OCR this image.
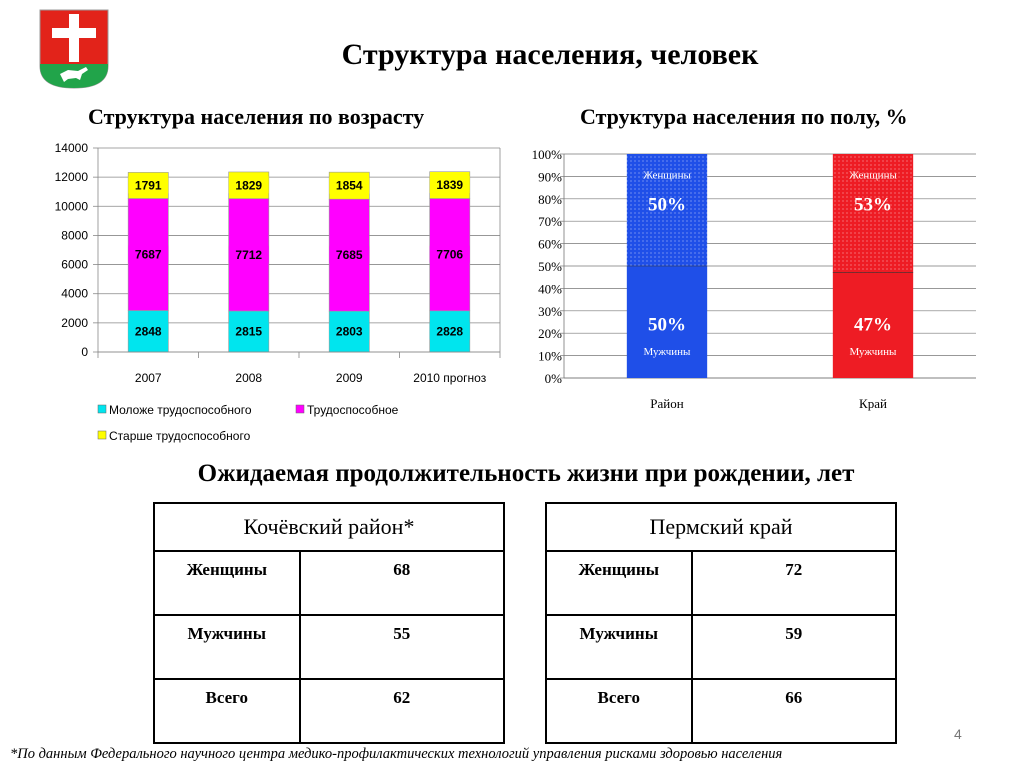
Структура населения, человек
Структура населения по возрасту	Структура населения по полу, %
0
2000
4000
6000
8000
10000
12000
14000
2848
7687
1791
2007
2815
7712
1829
2008
2803
7685
1854
2009
2828
7706
1839
2010 прогноз
Моложе трудоспособного	Трудоспособное
Старше трудоспособного
0%
10%
20%
30%
40%
50%
60%
70%
80%
90%
100%
Женщины
50%
50%
Мужчины
Район
Женщины
53%
47%
Мужчины
Край
Ожидаемая продолжительность жизни при рождении, лет
Кочёвский район*	
Женщины	68
Мужчины	55
Всего	62
Пермский край	
Женщины	72
Мужчины	59
Всего	66
4
*По данным Федерального научного центра медико-профилактических технологий управления рисками здоровью населения
